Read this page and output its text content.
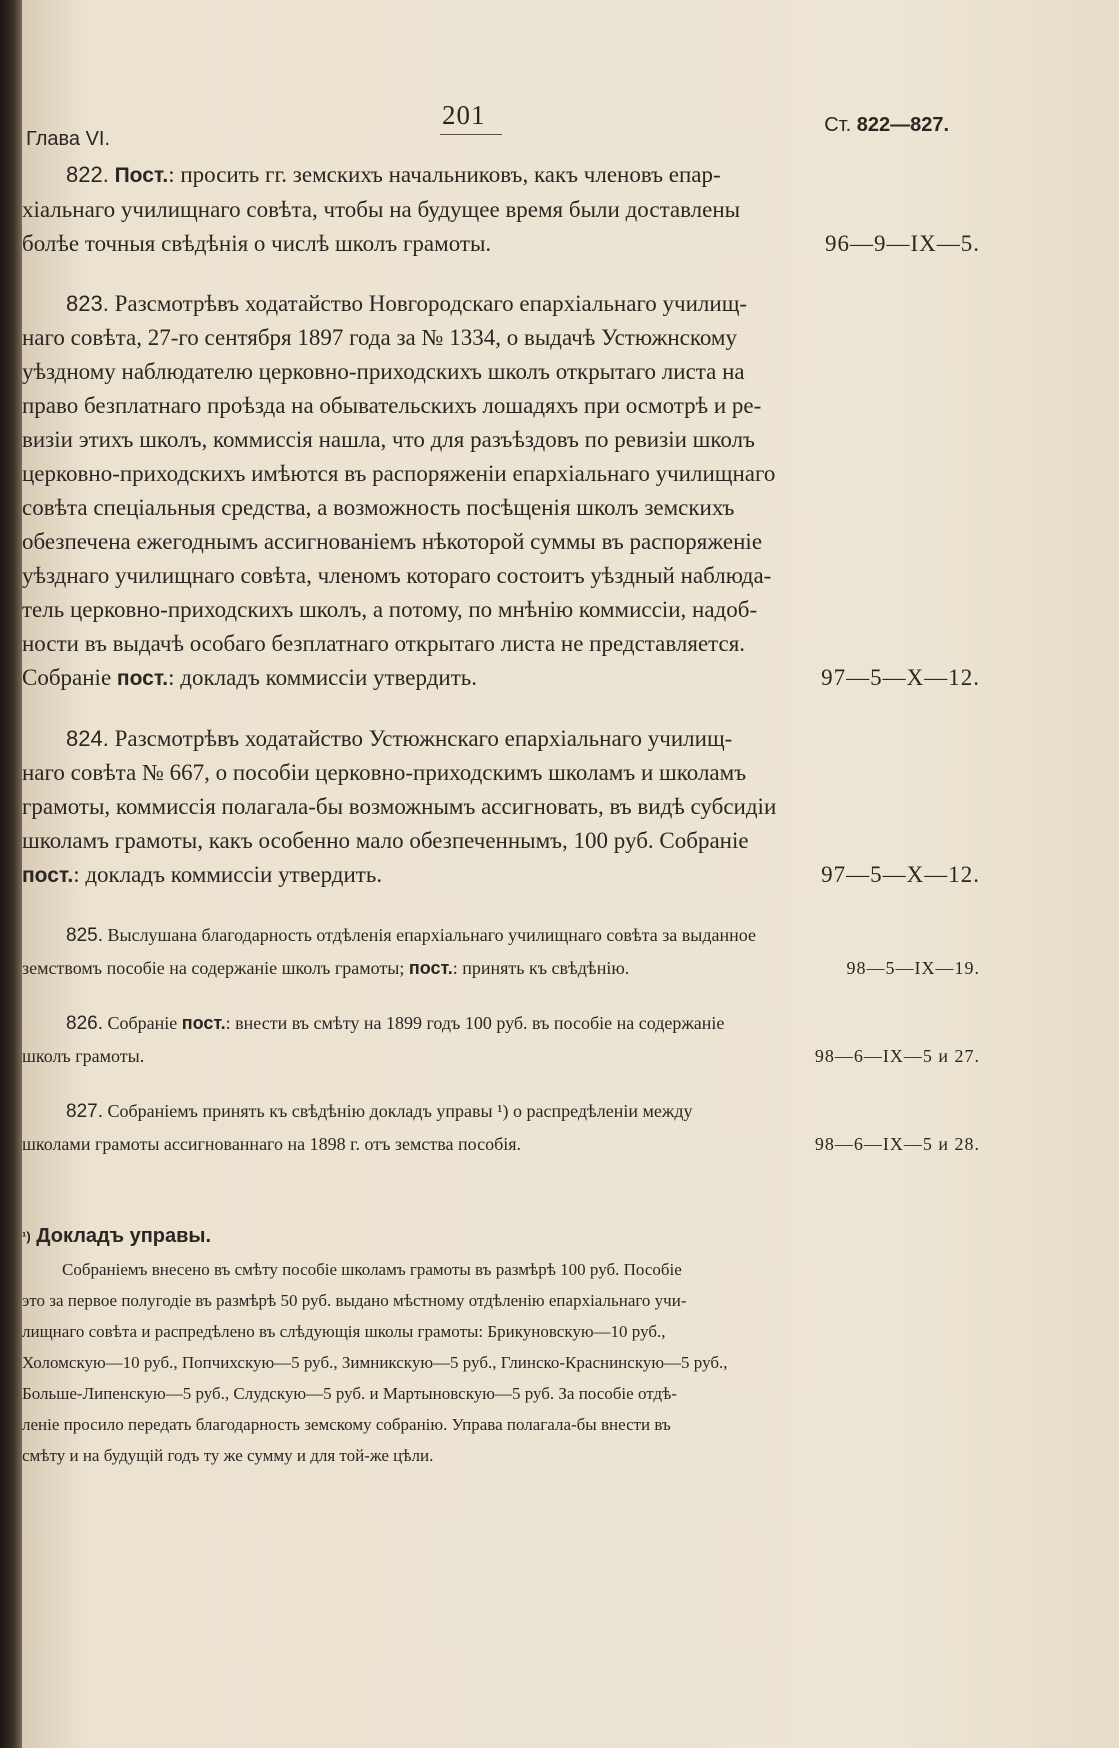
Глава VI.
201	Ст. 822—827.
822. Пост.: просить гг. земскихъ начальниковъ, какъ членовъ епар-
хіальнаго училищнаго совѣта, чтобы на будущее время были доставлены
болѣе точныя свѣдѣнія о числѣ школъ грамоты.	96—9—IX—5.
823. Разсмотрѣвъ ходатайство Новгородскаго епархіальнаго училищ-
наго совѣта, 27-го сентября 1897 года за № 1334, о выдачѣ Устюжнскому
уѣздному наблюдателю церковно-приходскихъ школъ открытаго листа на
право безплатнаго проѣзда на обывательскихъ лошадяхъ при осмотрѣ и ре-
визіи этихъ школъ, коммиссія нашла, что для разъѣздовъ по ревизіи школъ
церковно-приходскихъ имѣются въ распоряженіи епархіальнаго училищнаго
совѣта спеціальныя средства, а возможность посѣщенія школъ земскихъ
обезпечена ежегоднымъ ассигнованіемъ нѣкоторой суммы въ распоряженіе
уѣзднаго училищнаго совѣта, членомъ котораго состоитъ уѣздный наблюда-
тель церковно-приходскихъ школъ, а потому, по мнѣнію коммиссіи, надоб-
ности въ выдачѣ особаго безплатнаго открытаго листа не представляется.
Собраніе пост.: докладъ коммиссіи утвердить.	97—5—X—12.
824. Разсмотрѣвъ ходатайство Устюжнскаго епархіальнаго училищ-
наго совѣта № 667, о пособіи церковно-приходскимъ школамъ и школамъ
грамоты, коммиссія полагала-бы возможнымъ ассигновать, въ видѣ субсидіи
школамъ грамоты, какъ особенно мало обезпеченнымъ, 100 руб. Собраніе
пост.: докладъ коммиссіи утвердить.	97—5—X—12.
825. Выслушана благодарность отдѣленія епархіальнаго училищнаго совѣта за выданное
земствомъ пособіе на содержаніе школъ грамоты; пост.: принять къ свѣдѣнію.	98—5—IX—19.
826. Собраніе пост.: внести въ смѣту на 1899 годъ 100 руб. въ пособіе на содержаніе
школъ грамоты.	98—6—IX—5 и 27.
827. Собраніемъ принять къ свѣдѣнію докладъ управы ¹) о распредѣленіи между
школами грамоты ассигнованнаго на 1898 г. отъ земства пособія.	98—6—IX—5 и 28.
$^{^1)}$ Докладъ управы.
Собраніемъ внесено въ смѣту пособіе школамъ грамоты въ размѣрѣ 100 руб. Пособіе
это за первое полугодіе въ размѣрѣ 50 руб. выдано мѣстному отдѣленію епархіальнаго учи-
лищнаго совѣта и распредѣлено въ слѣдующія школы грамоты: Брикуновскую—10 руб.,
Холомскую—10 руб., Попчихскую—5 руб., Зимникскую—5 руб., Глинско-Краснинскую—5 руб.,
Больше-Липенскую—5 руб., Слудскую—5 руб. и Мартыновскую—5 руб. За пособіе отдѣ-
леніе просило передать благодарность земскому собранію. Управа полагала-бы внести въ
смѣту и на будущій годъ ту же сумму и для той-же цѣли.
